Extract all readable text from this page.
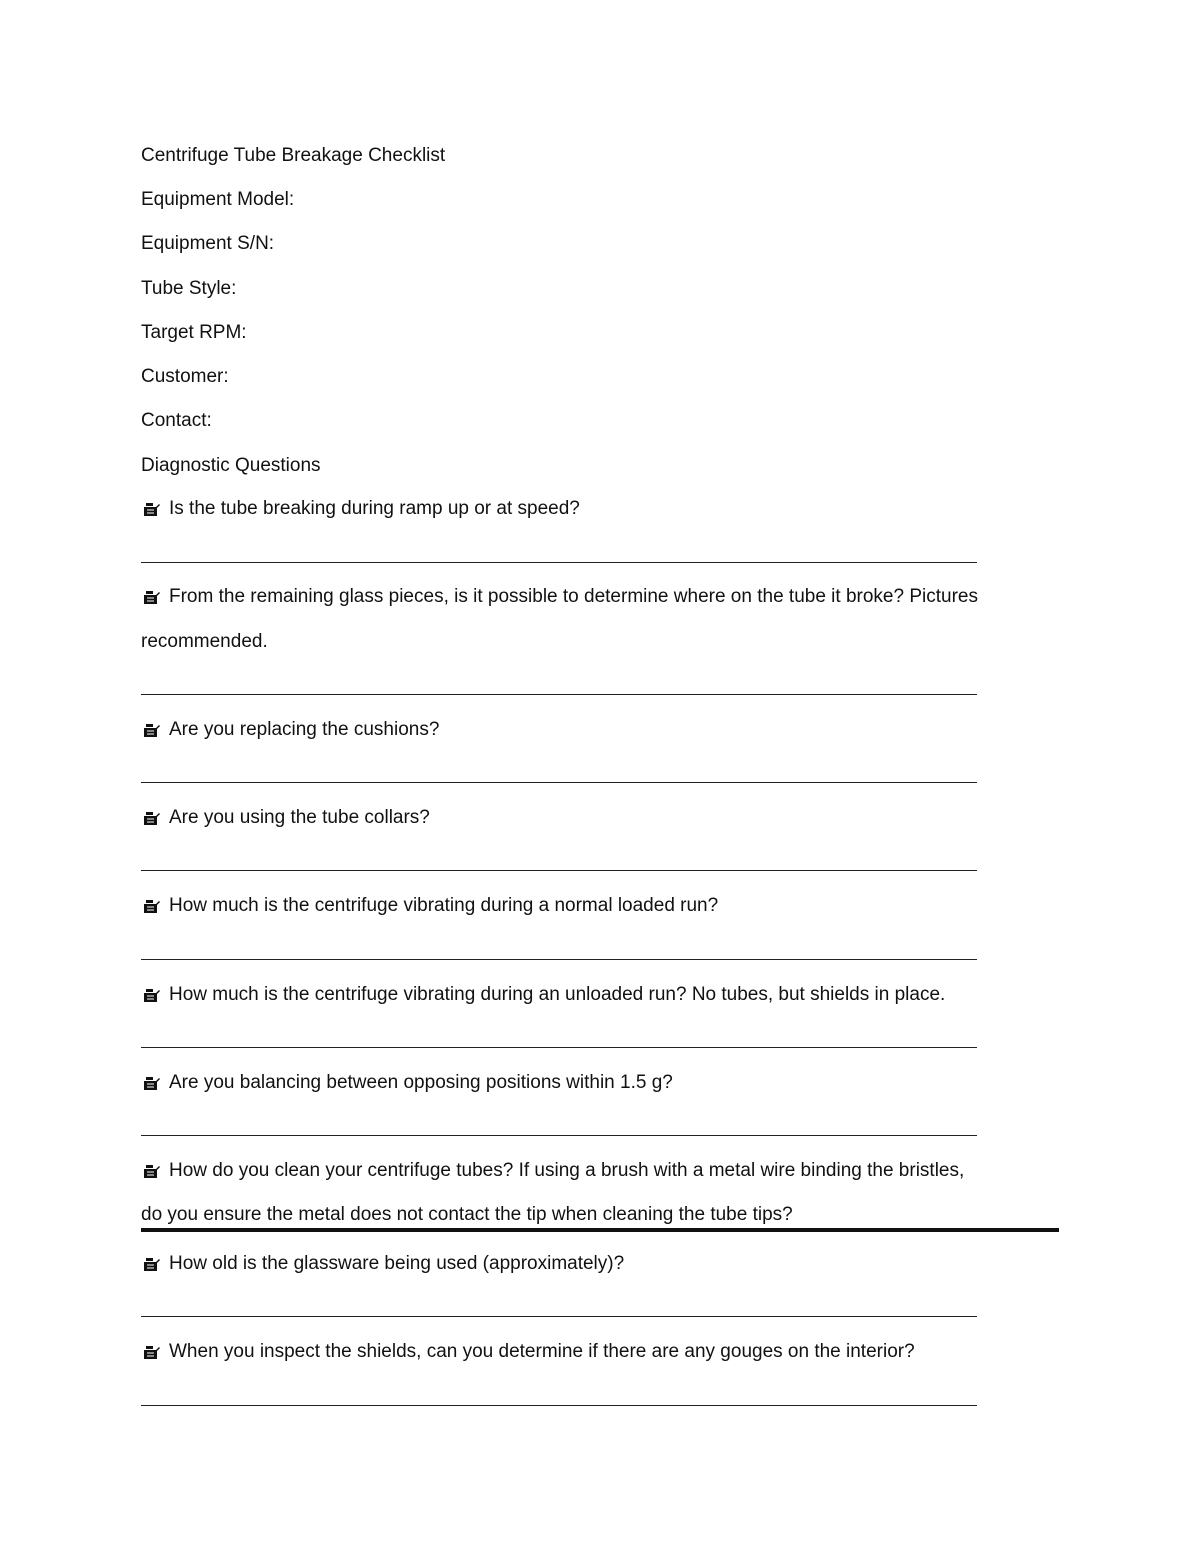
Centrifuge Tube Breakage Checklist
Equipment Model:
Equipment S/N:
Tube Style:
Target RPM:
Customer:
Contact:
Diagnostic Questions
Is the tube breaking during ramp up or at speed?
From the remaining glass pieces, is it possible to determine where on the tube it broke? Pictures
recommended.
Are you replacing the cushions?
Are you using the tube collars?
How much is the centrifuge vibrating during a normal loaded run?
How much is the centrifuge vibrating during an unloaded run? No tubes, but shields in place.
Are you balancing between opposing positions within 1.5 g?
How do you clean your centrifuge tubes? If using a brush with a metal wire binding the bristles,
do you ensure the metal does not contact the tip when cleaning the tube tips?
How old is the glassware being used (approximately)?
When you inspect the shields, can you determine if there are any gouges on the interior?
